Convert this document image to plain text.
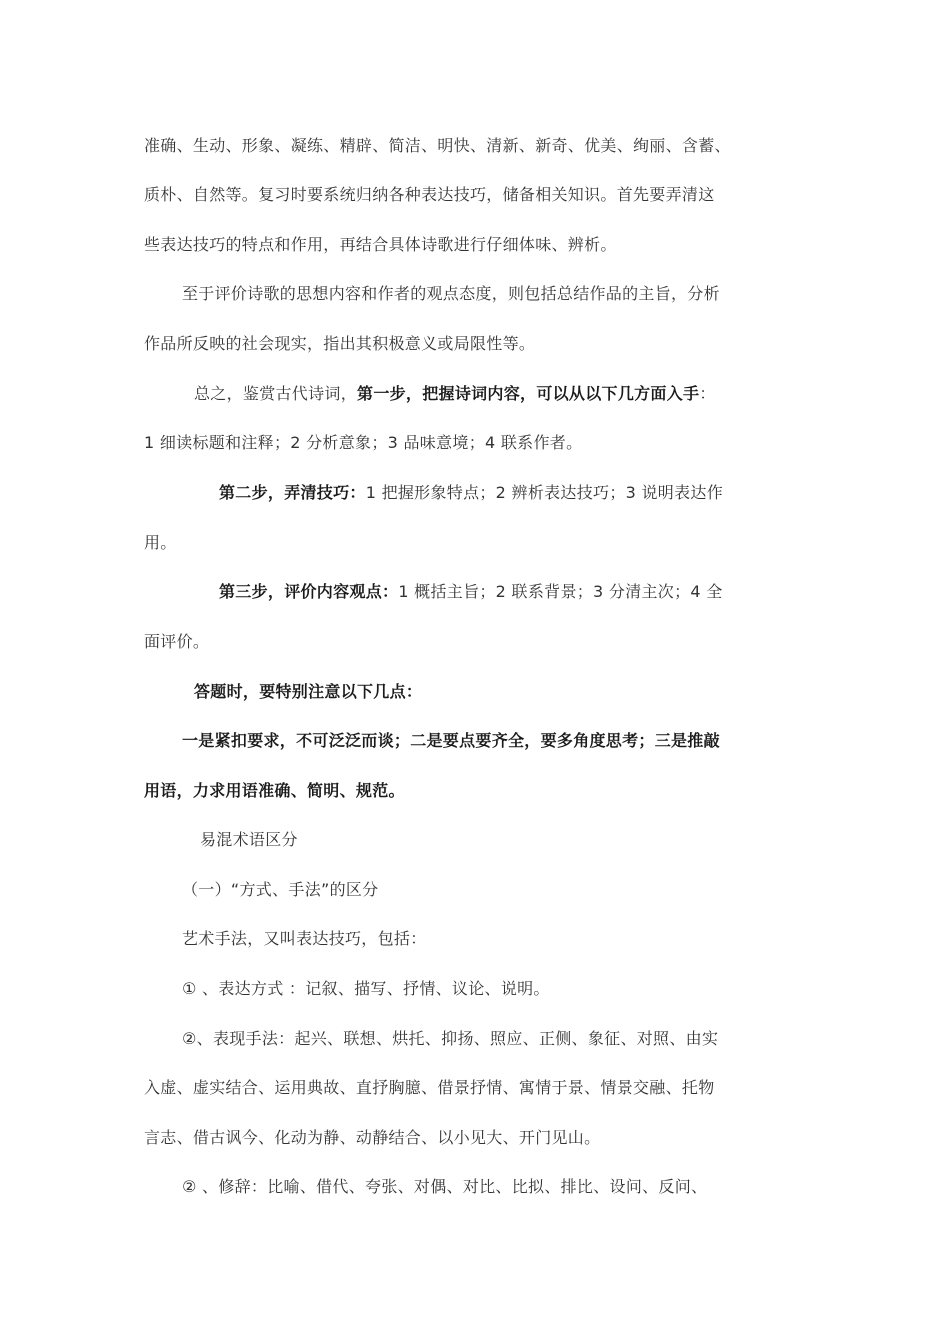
准确、生动、形象、凝练、精辟、简洁、明快、清新、新奇、优美、绚丽、含蓄、
质朴、自然等。复习时要系统归纳各种表达技巧，储备相关知识。首先要弄清这
些表达技巧的特点和作用，再结合具体诗歌进行仔细体味、辨析。
至于评价诗歌的思想内容和作者的观点态度，则包括总结作品的主旨，分析
作品所反映的社会现实，指出其积极意义或局限性等。
总之，鉴赏古代诗词，第一步，把握诗词内容，可以从以下几方面入手：
1 细读标题和注释；2 分析意象；3 品味意境；4 联系作者。
第二步，弄清技巧：1 把握形象特点；2 辨析表达技巧；3 说明表达作
用。
第三步，评价内容观点：1 概括主旨；2 联系背景；3 分清主次；4 全
面评价。
答题时，要特别注意以下几点：
一是紧扣要求，不可泛泛而谈；二是要点要齐全，要多角度思考；三是推敲
用语，力求用语准确、简明、规范。
易混术语区分
（一）“方式、手法”的区分
艺术手法，又叫表达技巧，包括：
① 、表达方式 ：记叙、描写、抒情、议论、说明。
②、表现手法：起兴、联想、烘托、抑扬、照应、正侧、象征、对照、由实
入虚、虚实结合、运用典故、直抒胸臆、借景抒情、寓情于景、情景交融、托物
言志、借古讽今、化动为静、动静结合、以小见大、开门见山。
② 、修辞：比喻、借代、夸张、对偶、对比、比拟、排比、设问、反问、
